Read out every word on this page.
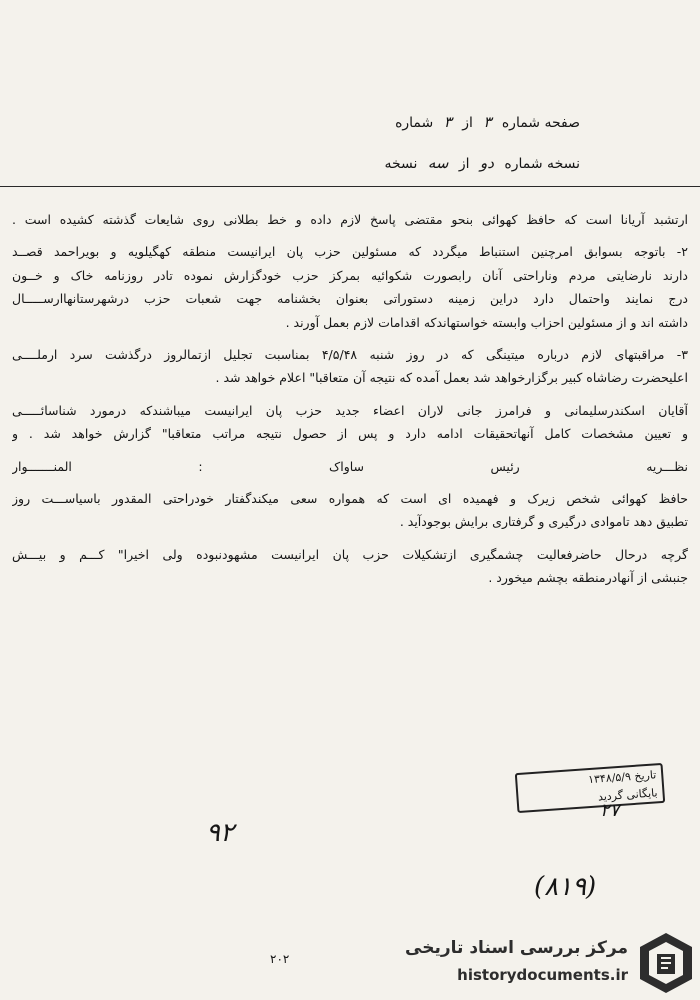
صفحه شماره ۳ از ۳ شماره
نسخه شماره دو از سه نسخه
ارتشبد آریانا است که حافظ کهوائی بنحو مقتضی پاسخ لازم داده و خط بطلانی روی شایعات گذشته کشیده است .
۲- باتوجه بسوابق امرچنین استنباط میگردد که مسئولین حزب پان ایرانیست منطقه کهگیلویه و بویراحمد قصــد
دارند نارضایتی مردم وناراحتی آنان رابصورت شکوائیه بمرکز حزب خودگزارش نموده تادر روزنامه خاک و خــون
درج نمایند واحتمال دارد دراین زمینه دستوراتی بعنوان بخشنامه جهت شعبات حزب درشهرستانهاارســـــال
داشته اند و از مسئولین احزاب وابسته خواستهاندکه اقدامات لازم بعمل آورند .
۳- مراقبتهای لازم درباره میتینگی که در روز شنبه ۴/۵/۴۸ بمناسبت تجلیل ازتمالروز درگذشت سرد ارملــــی
اعلیحضرت رضاشاه کبیر برگزارخواهد شد بعمل آمده که نتیجه آن متعاقبا" اعلام خواهد شد .
آقایان اسکندرسلیمانی و فرامرز جانی لاران اعضاء جدید حزب پان ایرانیست میباشندکه درمورد شناسائـــــی
و تعیین مشخصات کامل آنهاتحقیقات ادامه دارد و پس از حصول نتیجه مراتب متعاقبا" گزارش خواهد شد . و
نظـــریه رئیس ساواک : المنـــــــوار
حافظ کهوائی شخص زیرک و فهمیده ای است که همواره سعی میکندگفتار خودراحتی المقدور باسیاســـت روز
تطبیق دهد تاموادی درگیری و گرفتاری برایش بوجودآید .
گرچه درحال حاضرفعالیت چشمگیری ازتشکیلات حزب پان ایرانیست مشهودنبوده ولی اخیرا" کـــم و بیـــش
جنبشی از آنهادرمنطقه بچشم میخورد .
تاریخ ۱۳۴۸/۵/۹
بایگانی گردید
۲۷
۹۲
(۸۱۹)
۲۰۲
مرکز بررسی اسناد تاریخی
historydocuments.ir
